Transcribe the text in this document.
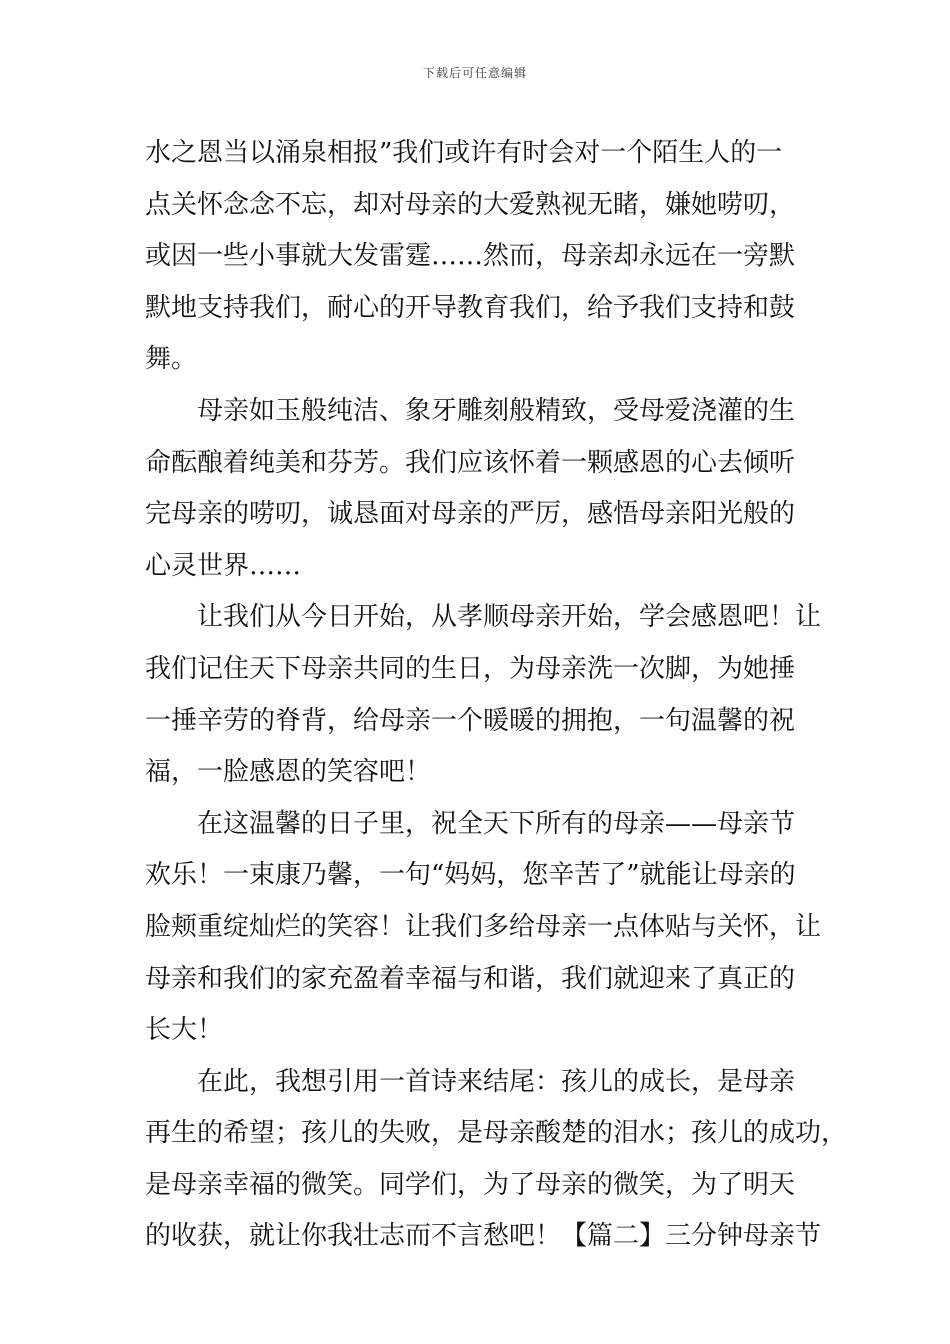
下载后可任意编辑
水之恩当以涌泉相报”我们或许有时会对一个陌生人的一
点关怀念念不忘，却对母亲的大爱熟视无睹，嫌她唠叨，
或因一些小事就大发雷霆……然而，母亲却永远在一旁默
默地支持我们，耐心的开导教育我们，给予我们支持和鼓
舞。
母亲如玉般纯洁、象牙雕刻般精致，受母爱浇灌的生
命酝酿着纯美和芬芳。我们应该怀着一颗感恩的心去倾听
完母亲的唠叨，诚恳面对母亲的严厉，感悟母亲阳光般的
心灵世界……
让我们从今日开始，从孝顺母亲开始，学会感恩吧！让
我们记住天下母亲共同的生日，为母亲洗一次脚，为她捶
一捶辛劳的脊背，给母亲一个暖暖的拥抱，一句温馨的祝
福，一脸感恩的笑容吧！
在这温馨的日子里，祝全天下所有的母亲——母亲节
欢乐！一束康乃馨，一句“妈妈，您辛苦了”就能让母亲的
脸颊重绽灿烂的笑容！让我们多给母亲一点体贴与关怀，让
母亲和我们的家充盈着幸福与和谐，我们就迎来了真正的
长大！
在此，我想引用一首诗来结尾：孩儿的成长，是母亲
再生的希望；孩儿的失败，是母亲酸楚的泪水；孩儿的成功，
是母亲幸福的微笑。同学们，为了母亲的微笑，为了明天
的收获，就让你我壮志而不言愁吧！【篇二】三分钟母亲节
